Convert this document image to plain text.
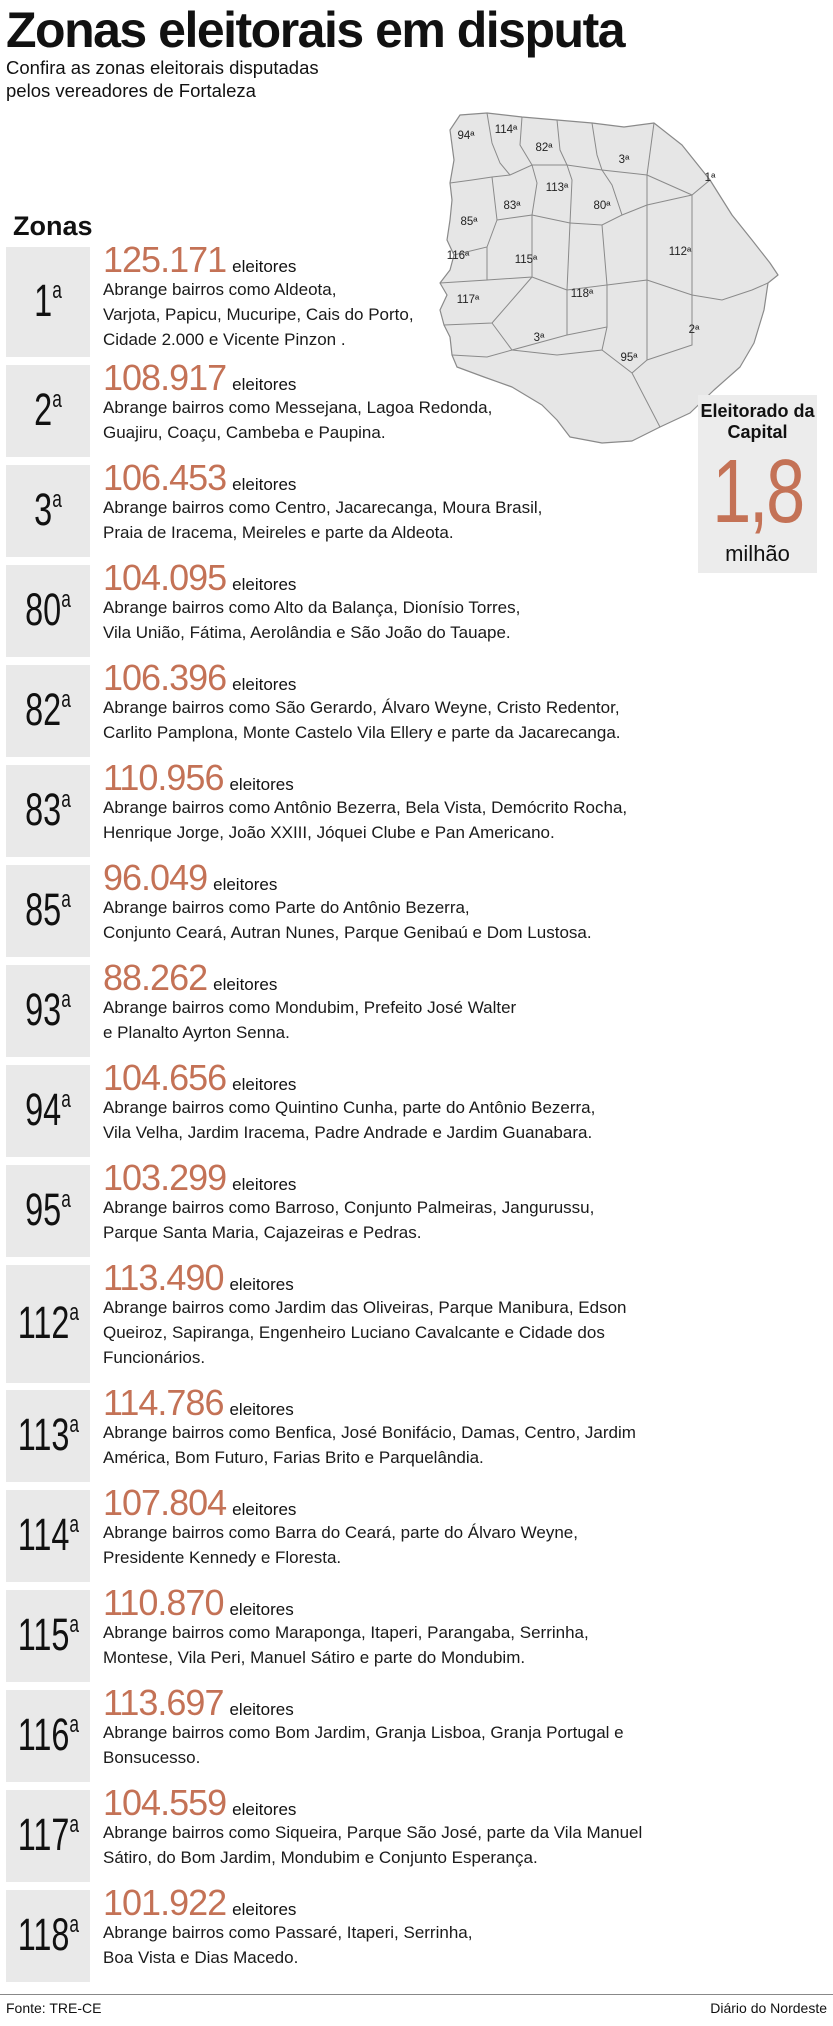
Zonas eleitorais em disputa
Confira as zonas eleitorais disputadas pelos vereadores de Fortaleza
Zonas
94ª 114ª
82ª
3ª
1ª
85ª
83ª
113ª
80ª
116ª	115ª
112ª
117ª	118ª
3ª
2ª
95ª
Eleitorado da Capital
1,8
milhão
1$^a$
125.171 eleitores
Abrange bairros como Aldeota,
Varjota, Papicu, Mucuripe, Cais do Porto,
Cidade 2.000 e Vicente Pinzon .
2$^a$
108.917 eleitores
Abrange bairros como Messejana, Lagoa Redonda,
Guajiru, Coaçu, Cambeba e Paupina.
3$^a$
106.453 eleitores
Abrange bairros como Centro, Jacarecanga, Moura Brasil,
Praia de Iracema, Meireles e parte da Aldeota.
80$^a$
104.095 eleitores
Abrange bairros como Alto da Balança, Dionísio Torres,
Vila União, Fátima, Aerolândia e São João do Tauape.
82$^a$
106.396 eleitores
Abrange bairros como São Gerardo, Álvaro Weyne, Cristo Redentor,
Carlito Pamplona, Monte Castelo Vila Ellery e parte da Jacarecanga.
83$^a$
110.956 eleitores
Abrange bairros como Antônio Bezerra, Bela Vista, Demócrito Rocha,
Henrique Jorge, João XXIII, Jóquei Clube e Pan Americano.
85$^a$
96.049 eleitores
Abrange bairros como Parte do Antônio Bezerra,
Conjunto Ceará, Autran Nunes, Parque Genibaú e Dom Lustosa.
93$^a$
88.262 eleitores
Abrange bairros como Mondubim, Prefeito José Walter
e Planalto Ayrton Senna.
94$^a$
104.656 eleitores
Abrange bairros como Quintino Cunha, parte do Antônio Bezerra,
Vila Velha, Jardim Iracema, Padre Andrade e Jardim Guanabara.
95$^a$
103.299 eleitores
Abrange bairros como Barroso, Conjunto Palmeiras, Jangurussu,
Parque Santa Maria, Cajazeiras e Pedras.
112$^a$
113.490 eleitores
Abrange bairros como Jardim das Oliveiras, Parque Manibura, Edson
Queiroz, Sapiranga, Engenheiro Luciano Cavalcante e Cidade dos
Funcionários.
113$^a$
114.786 eleitores
Abrange bairros como Benfica, José Bonifácio, Damas, Centro, Jardim
América, Bom Futuro, Farias Brito e Parquelândia.
114$^a$
107.804 eleitores
Abrange bairros como Barra do Ceará, parte do Álvaro Weyne,
Presidente Kennedy e Floresta.
115$^a$
110.870 eleitores
Abrange bairros como Maraponga, Itaperi, Parangaba, Serrinha,
Montese, Vila Peri, Manuel Sátiro e parte do Mondubim.
116$^a$
113.697 eleitores
Abrange bairros como Bom Jardim, Granja Lisboa, Granja Portugal e
Bonsucesso.
117$^a$
104.559 eleitores
Abrange bairros como Siqueira, Parque São José, parte da Vila Manuel
Sátiro, do Bom Jardim, Mondubim e Conjunto Esperança.
118$^a$
101.922 eleitores
Abrange bairros como Passaré, Itaperi, Serrinha,
Boa Vista e Dias Macedo.
Fonte: TRE-CE	Diário do Nordeste
